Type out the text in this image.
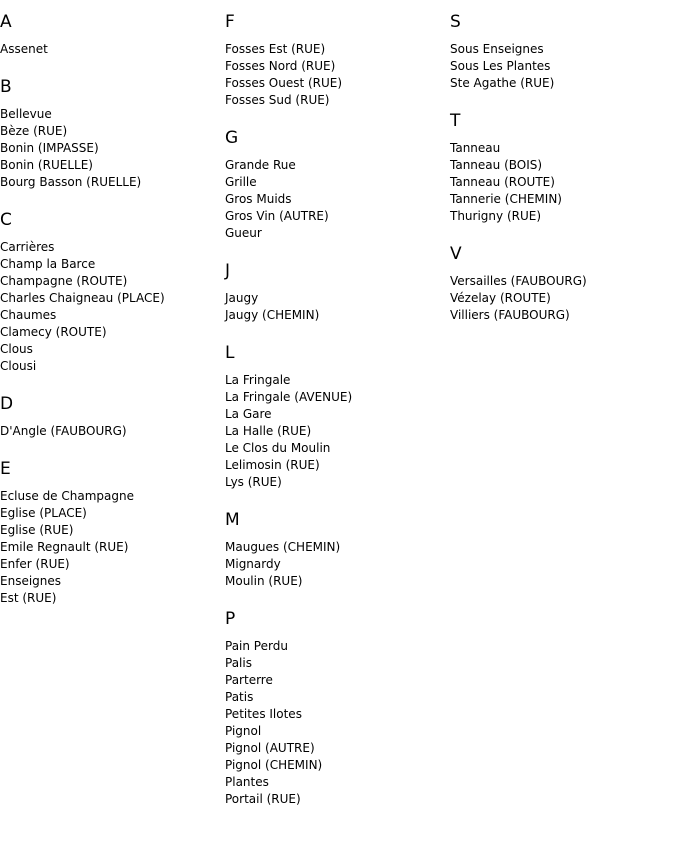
A
Assenet
B
Bellevue
Bèze (RUE)
Bonin (IMPASSE)
Bonin (RUELLE)
Bourg Basson (RUELLE)
C
Carrières
Champ la Barce
Champagne (ROUTE)
Charles Chaigneau (PLACE)
Chaumes
Clamecy (ROUTE)
Clous
Clousi
D
D'Angle (FAUBOURG)
E
Ecluse de Champagne
Eglise (PLACE)
Eglise (RUE)
Emile Regnault (RUE)
Enfer (RUE)
Enseignes
Est (RUE)
F
Fosses Est (RUE)
Fosses Nord (RUE)
Fosses Ouest (RUE)
Fosses Sud (RUE)
G
Grande Rue
Grille
Gros Muids
Gros Vin (AUTRE)
Gueur
J
Jaugy
Jaugy (CHEMIN)
L
La Fringale
La Fringale (AVENUE)
La Gare
La Halle (RUE)
Le Clos du Moulin
Lelimosin (RUE)
Lys (RUE)
M
Maugues (CHEMIN)
Mignardy
Moulin (RUE)
P
Pain Perdu
Palis
Parterre
Patis
Petites Ilotes
Pignol
Pignol (AUTRE)
Pignol (CHEMIN)
Plantes
Portail (RUE)
S
Sous Enseignes
Sous Les Plantes
Ste Agathe (RUE)
T
Tanneau
Tanneau (BOIS)
Tanneau (ROUTE)
Tannerie (CHEMIN)
Thurigny (RUE)
V
Versailles (FAUBOURG)
Vézelay (ROUTE)
Villiers (FAUBOURG)
